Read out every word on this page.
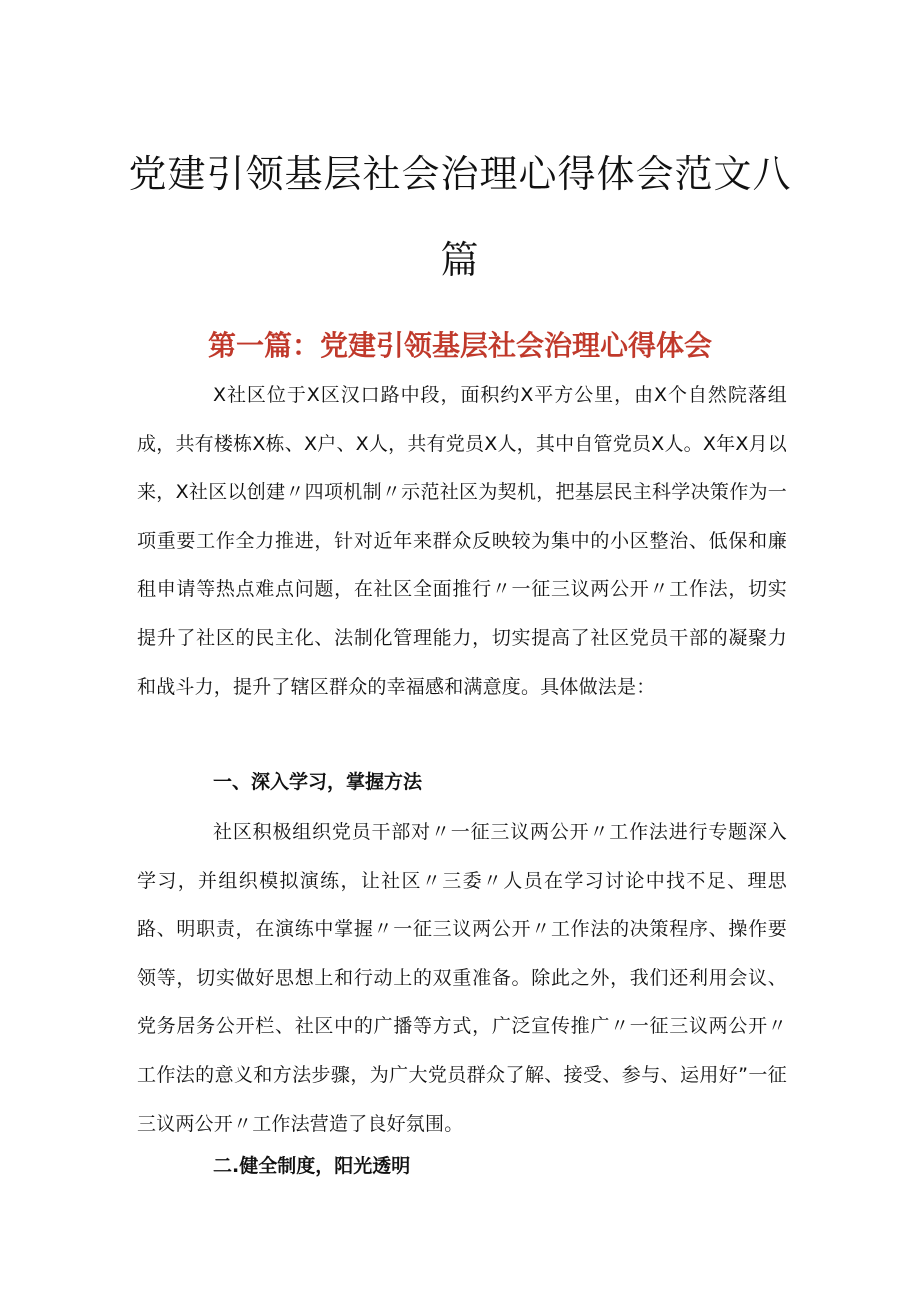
党建引领基层社会治理心得体会范文八
篇
第一篇：党建引领基层社会治理心得体会

X社区位于X区汉口路中段，面积约X平方公里，由X个自然院落组成，共有楼栋X栋、X户、X人，共有党员X人，其中自管党员X人。X年X月以来，X社区以创建〃四项机制〃示范社区为契机，把基层民主科学决策作为一项重要工作全力推进，针对近年来群众反映较为集中的小区整治、低保和廉租申请等热点难点问题，在社区全面推行〃一征三议两公开〃工作法，切实提升了社区的民主化、法制化管理能力，切实提高了社区党员干部的凝聚力和战斗力，提升了辖区群众的幸福感和满意度。具体做法是：

一、深入学习，掌握方法

社区积极组织党员干部对〃一征三议两公开〃工作法进行专题深入学习，并组织模拟演练，让社区〃三委〃人员在学习讨论中找不足、理思路、明职责，在演练中掌握〃一征三议两公开〃工作法的决策程序、操作要领等，切实做好思想上和行动上的双重准备。除此之外，我们还利用会议、党务居务公开栏、社区中的广播等方式，广泛宣传推广〃一征三议两公开〃工作法的意义和方法步骤，为广大党员群众了解、接受、参与、运用好”一征三议两公开〃工作法营造了良好氛围。

二.健全制度，阳光透明
